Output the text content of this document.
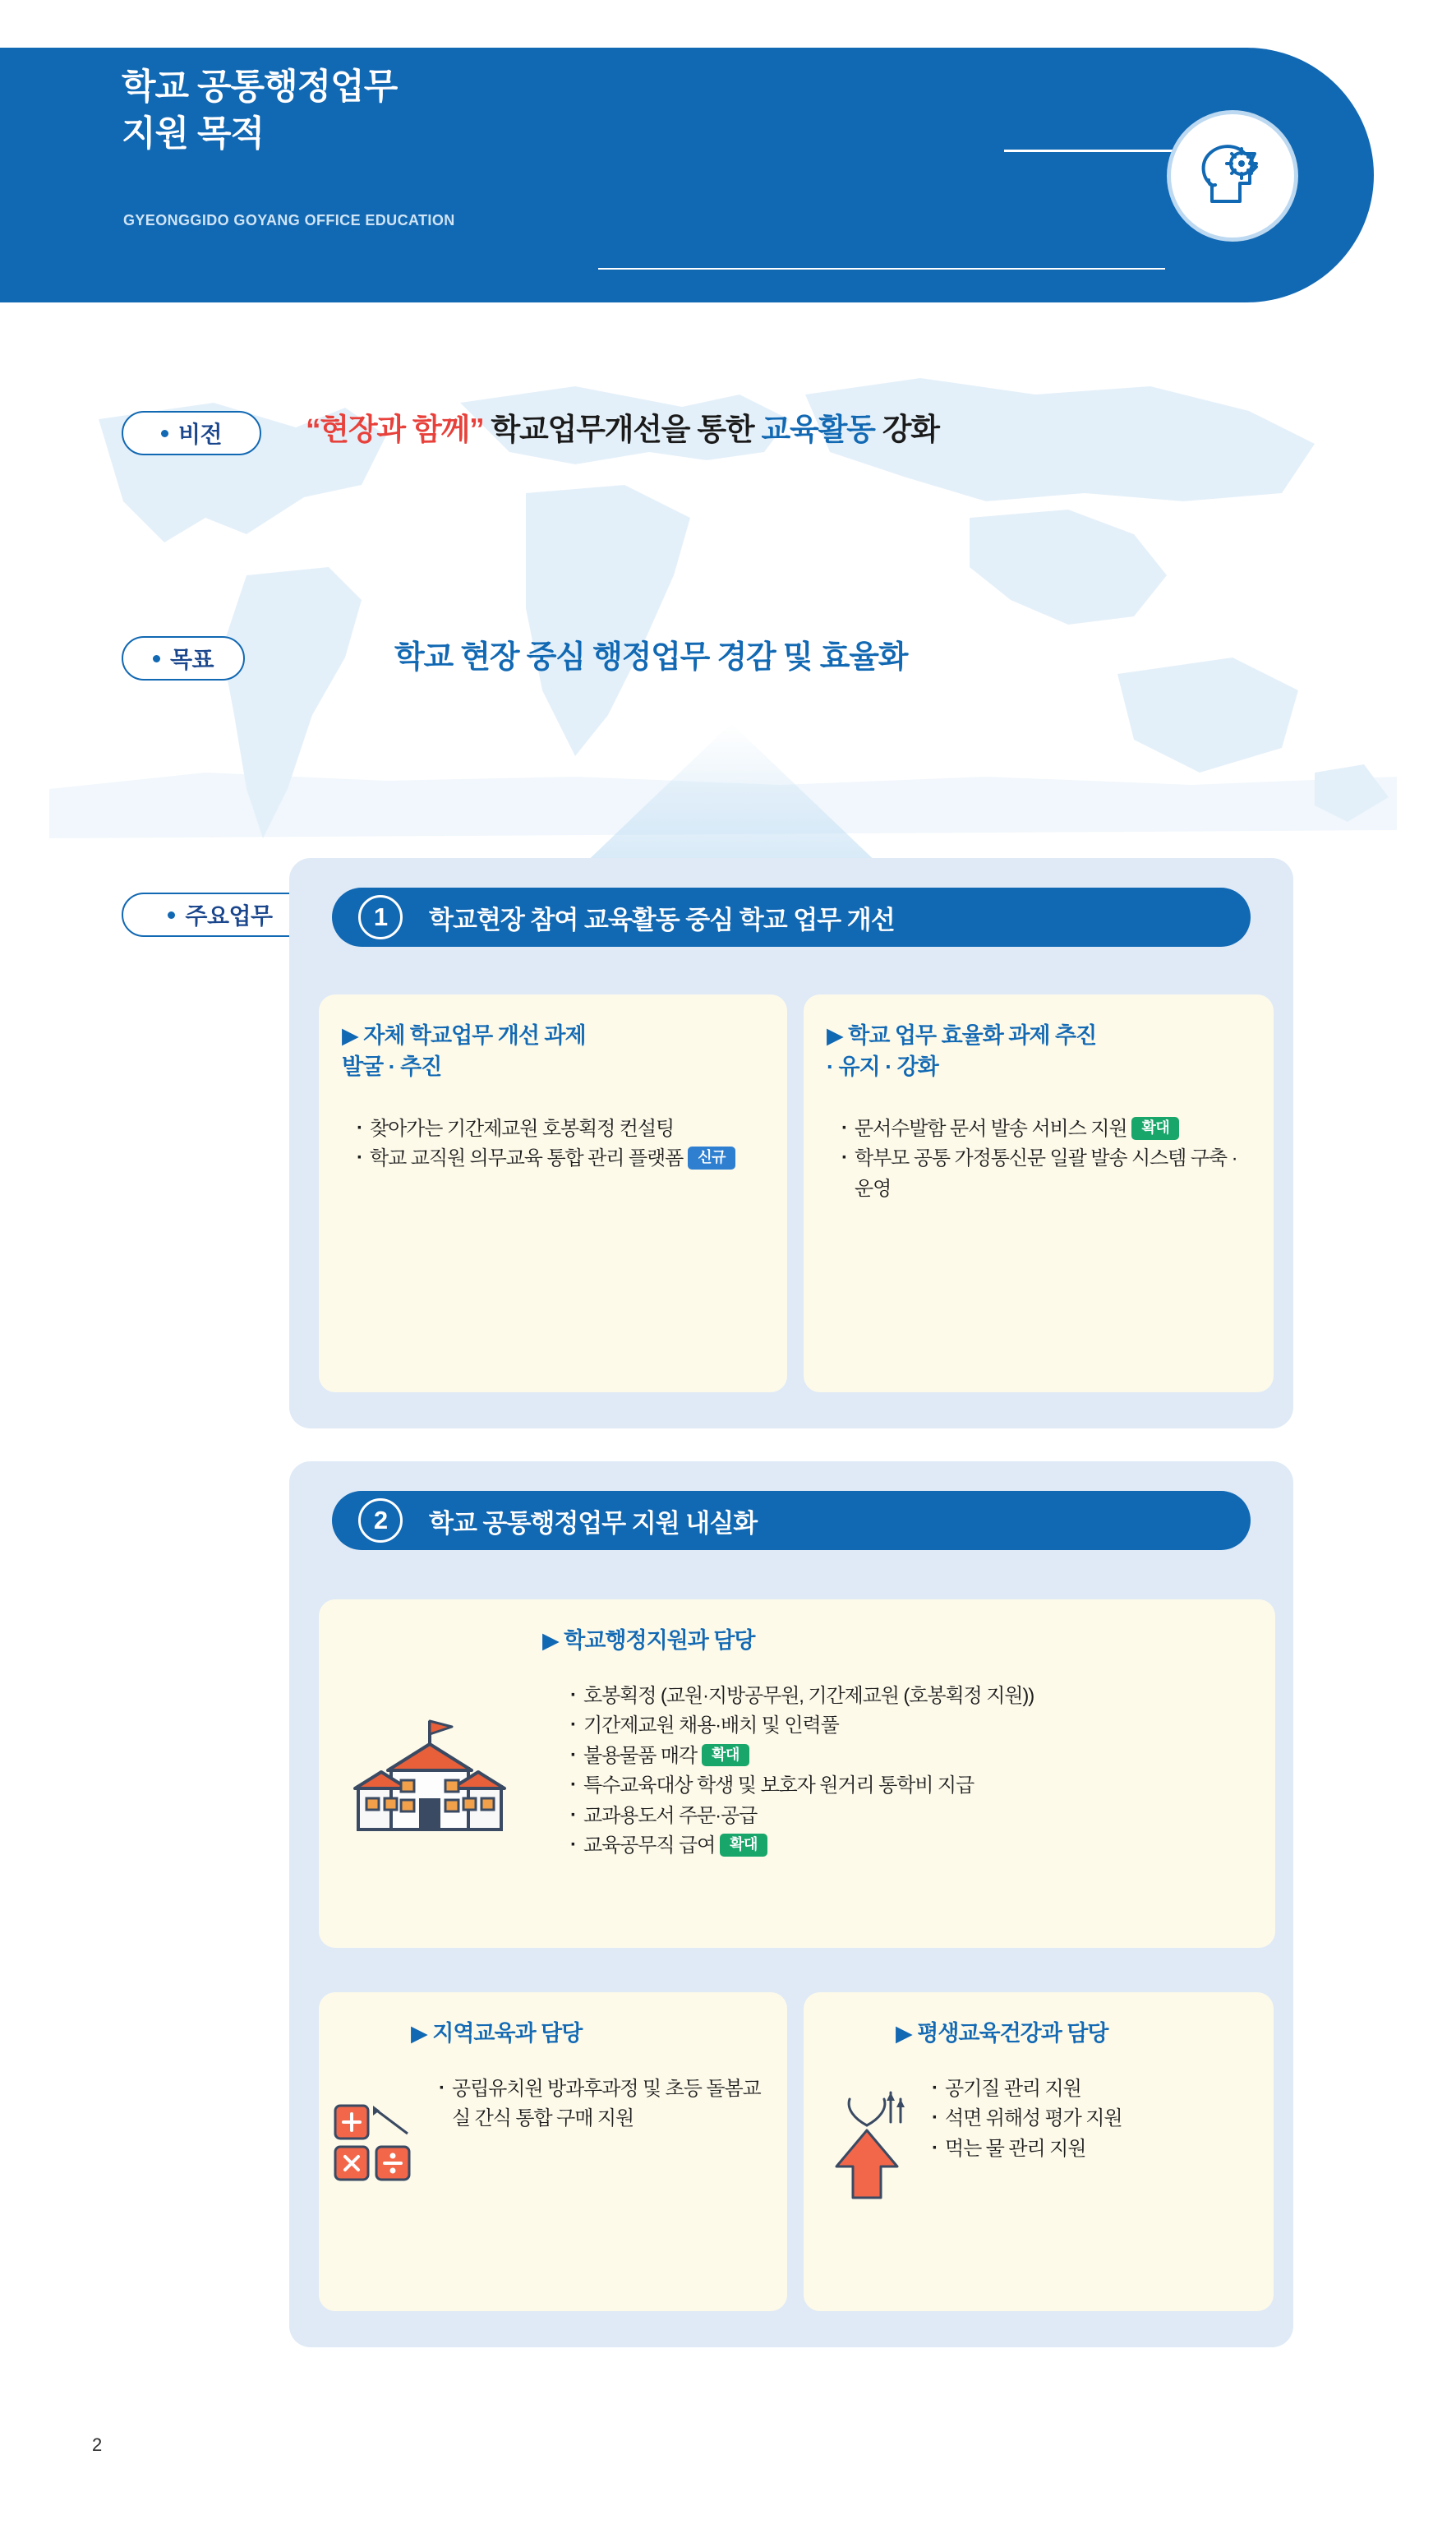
학교 공통행정업무
지원 목적
GYEONGGIDO GOYANG OFFICE EDUCATION
비전	“현장과 함께” 학교업무개선을 통한 교육활동 강화
목표	학교 현장 중심 행정업무 경감 및 효율화
주요업무	1	학교현장 참여 교육활동 중심 학교 업무 개선
▶ 자체 학교업무 개선 과제
발굴 · 추진
· 찾아가는 기간제교원 호봉획정 컨설팅
· 학교 교직원 의무교육 통합 관리 플랫폼 신규
▶ 학교 업무 효율화 과제 추진
· 유지 · 강화
· 문서수발함 문서 발송 서비스 지원 확대
· 학부모 공통 가정통신문 일괄 발송 시스템 구축 · 운영
2	학교 공통행정업무 지원 내실화
▶ 학교행정지원과 담당
· 호봉획정 (교원·지방공무원, 기간제교원 (호봉획정 지원))
· 기간제교원 채용·배치 및 인력풀
· 불용물품 매각 확대
· 특수교육대상 학생 및 보호자 원거리 통학비 지급
· 교과용도서 주문·공급
· 교육공무직 급여 확대
▶ 지역교육과 담당
· 공립유치원 방과후과정 및 초등 돌봄교실 간식 통합 구매 지원
▶ 평생교육건강과 담당
· 공기질 관리 지원
· 석면 위해성 평가 지원
· 먹는 물 관리 지원
2
